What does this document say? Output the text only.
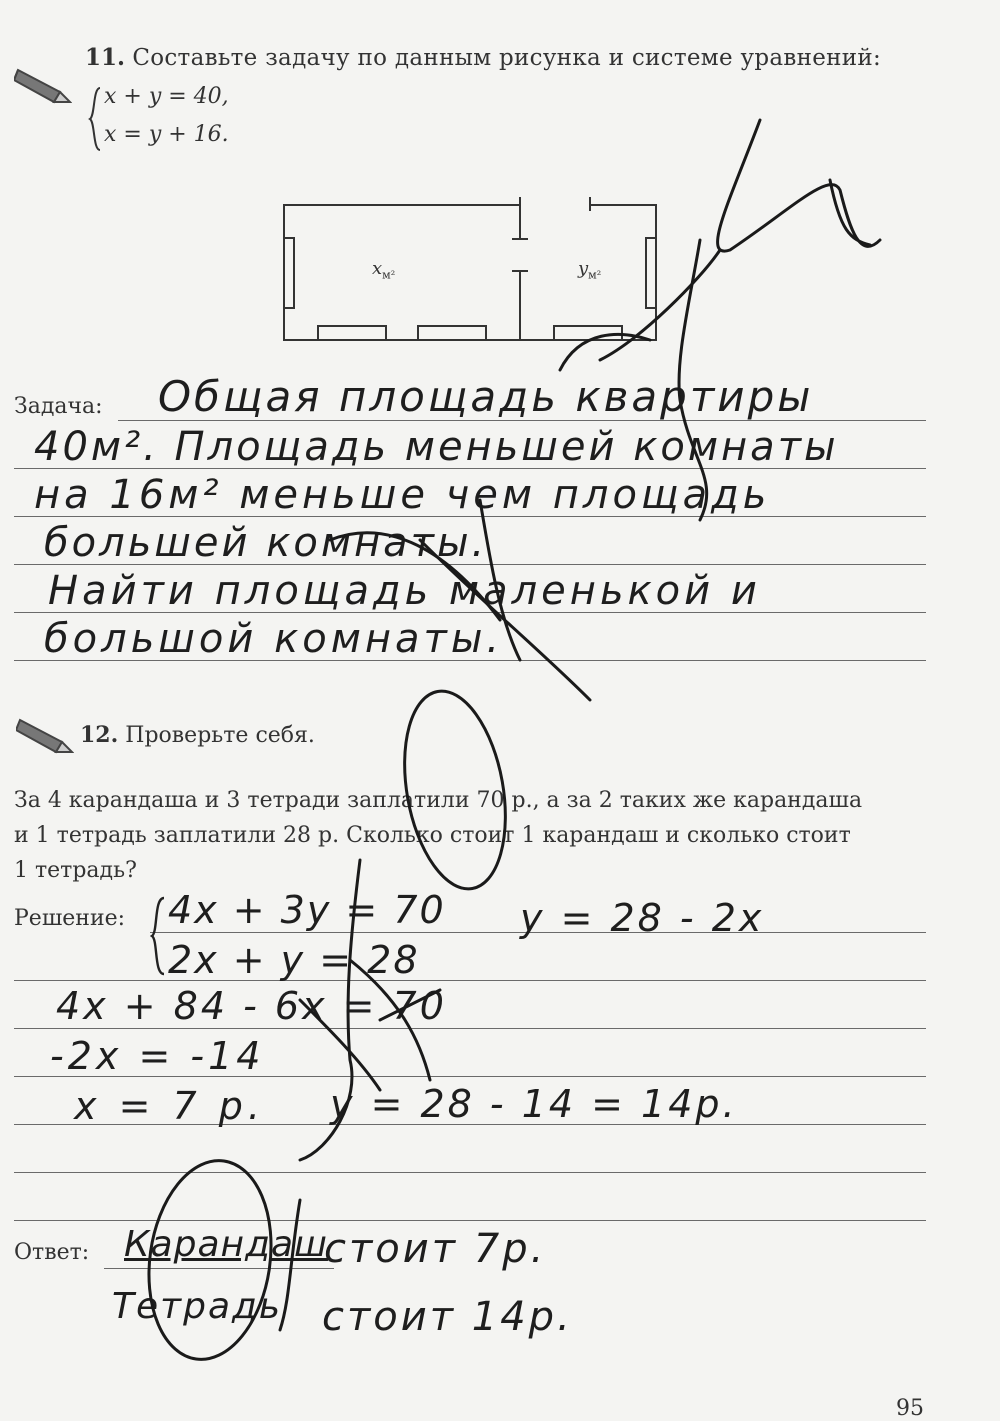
11. Составьте задачу по данным рисунка и системе уравнений:
x + y = 40,
x = y + 16.
$x_{м^2}$	$y_{м^2}$
Задача: Общая площадь квартиры
40м². Площадь меньшей комнаты
на 16м² меньше чем площадь
большей комнаты.
Найти площадь маленькой и
большой комнаты.
12. Проверьте себя.
За 4 карандаша и 3 тетради заплатили 70 р., а за 2 таких же карандаша
и 1 тетрадь заплатили 28 р. Сколько стоит 1 карандаш и сколько стоит
1 тетрадь?
Решение: 4x + 3y = 70
2x + y = 28
y = 28 - 2x
4x + 84 - 6x = 70
-2x = -14
x = 7 р. y = 28 - 14 = 14р.
Ответ: Карандаш
стоит 7р.
Тетрадь стоит 14р.
95
